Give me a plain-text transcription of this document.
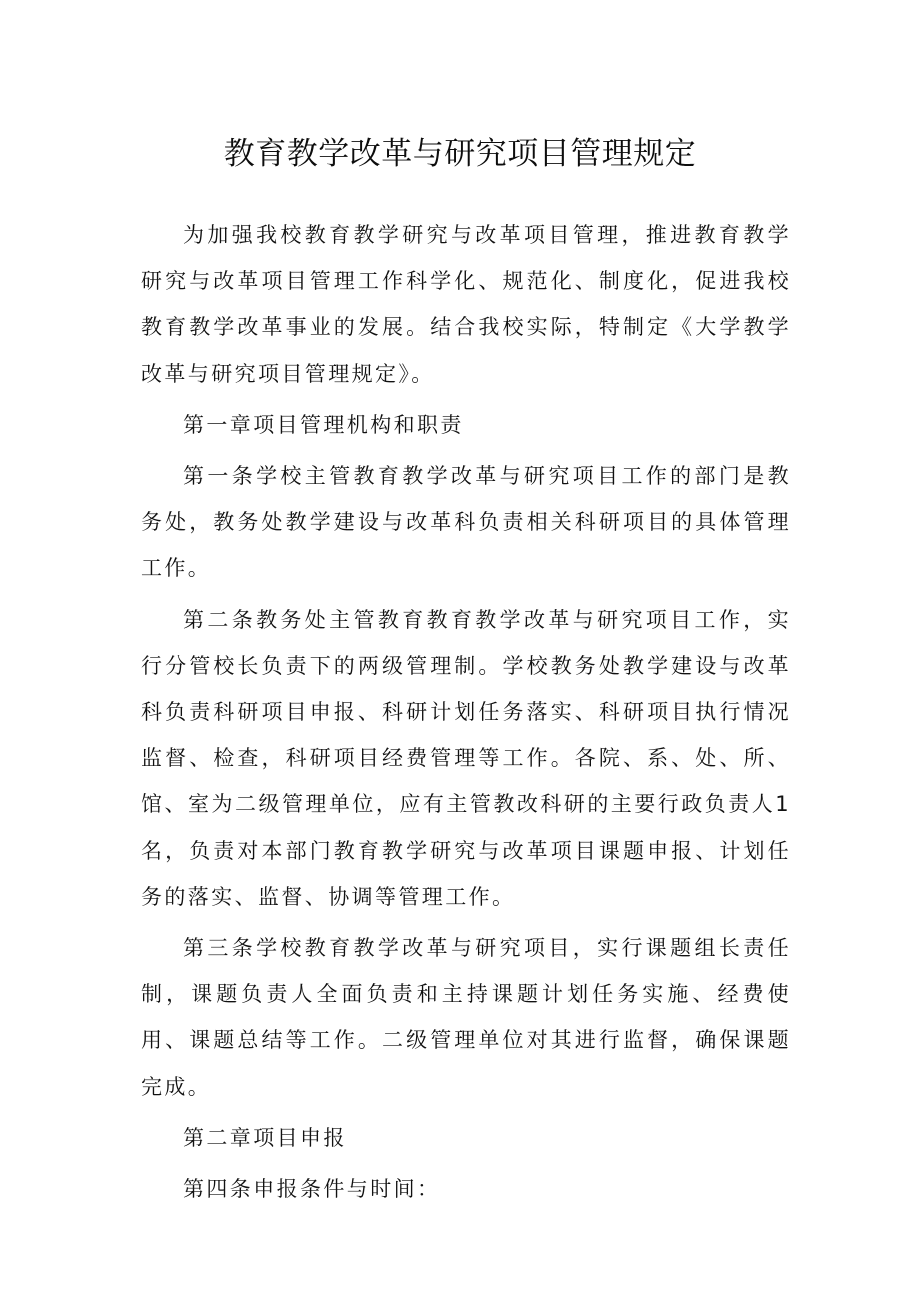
教育教学改革与研究项目管理规定

为加强我校教育教学研究与改革项目管理，推进教育教学研究与改革项目管理工作科学化、规范化、制度化，促进我校教育教学改革事业的发展。结合我校实际，特制定《大学教学改革与研究项目管理规定》。

第一章项目管理机构和职责

第一条学校主管教育教学改革与研究项目工作的部门是教务处，教务处教学建设与改革科负责相关科研项目的具体管理工作。

第二条教务处主管教育教育教学改革与研究项目工作，实行分管校长负责下的两级管理制。学校教务处教学建设与改革科负责科研项目申报、科研计划任务落实、科研项目执行情况监督、检查，科研项目经费管理等工作。各院、系、处、所、馆、室为二级管理单位，应有主管教改科研的主要行政负责人1名，负责对本部门教育教学研究与改革项目课题申报、计划任务的落实、监督、协调等管理工作。

第三条学校教育教学改革与研究项目，实行课题组长责任制，课题负责人全面负责和主持课题计划任务实施、经费使用、课题总结等工作。二级管理单位对其进行监督，确保课题完成。

第二章项目申报

第四条申报条件与时间：
